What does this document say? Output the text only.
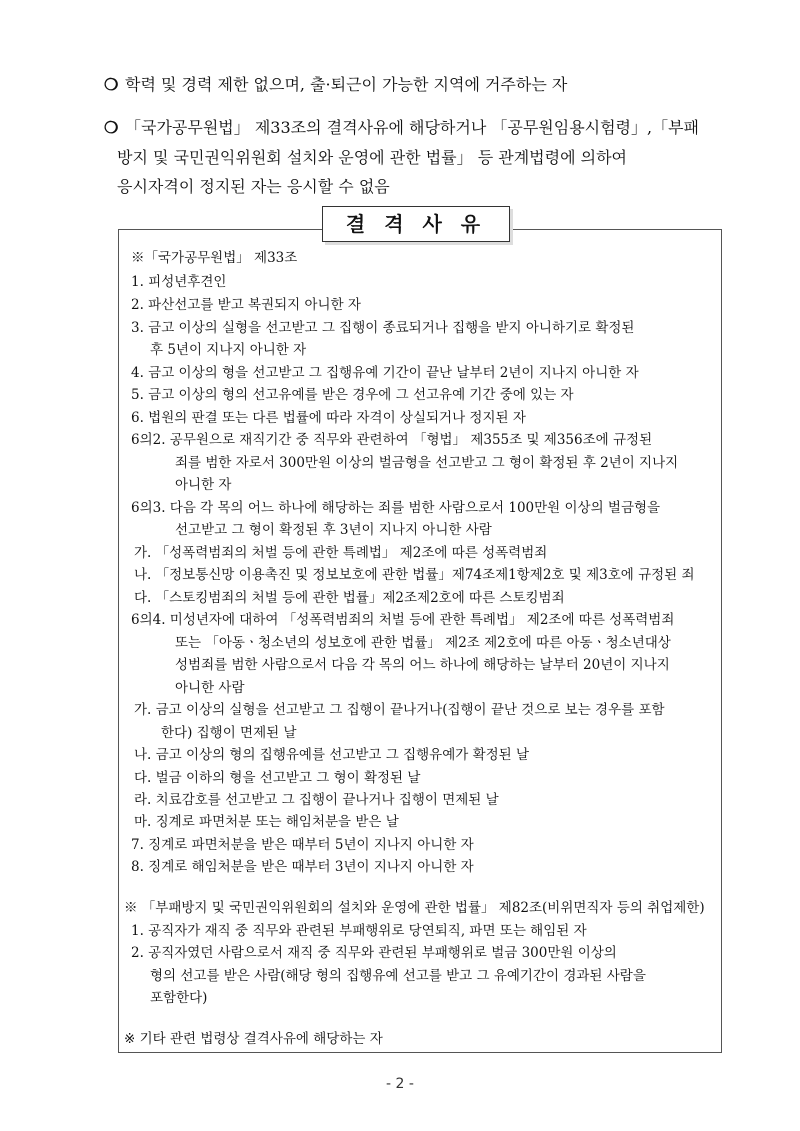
❍ 학력 및 경력 제한 없으며, 출·퇴근이 가능한 지역에 거주하는 자
❍ 「국가공무원법」 제33조의 결격사유에 해당하거나 「공무원임용시험령」,「부패
방지 및 국민권익위원회 설치와 운영에 관한 법률」 등 관계법령에 의하여
응시자격이 정지된 자는 응시할 수 없음
결 격 사 유
※「국가공무원법」 제33조
1. 피성년후견인
2. 파산선고를 받고 복권되지 아니한 자
3. 금고 이상의 실형을 선고받고 그 집행이 종료되거나 집행을 받지 아니하기로 확정된
후 5년이 지나지 아니한 자
4. 금고 이상의 형을 선고받고 그 집행유예 기간이 끝난 날부터 2년이 지나지 아니한 자
5. 금고 이상의 형의 선고유예를 받은 경우에 그 선고유예 기간 중에 있는 자
6. 법원의 판결 또는 다른 법률에 따라 자격이 상실되거나 정지된 자
6의2. 공무원으로 재직기간 중 직무와 관련하여 「형법」 제355조 및 제356조에 규정된
죄를 범한 자로서 300만원 이상의 벌금형을 선고받고 그 형이 확정된 후 2년이 지나지
아니한 자
6의3. 다음 각 목의 어느 하나에 해당하는 죄를 범한 사람으로서 100만원 이상의 벌금형을
선고받고 그 형이 확정된 후 3년이 지나지 아니한 사람
가. 「성폭력범죄의 처벌 등에 관한 특례법」 제2조에 따른 성폭력범죄
나. 「정보통신망 이용촉진 및 정보보호에 관한 법률」제74조제1항제2호 및 제3호에 규정된 죄
다. 「스토킹범죄의 처벌 등에 관한 법률」제2조제2호에 따른 스토킹범죄
6의4. 미성년자에 대하여 「성폭력범죄의 처벌 등에 관한 특례법」 제2조에 따른 성폭력범죄
또는 「아동ㆍ청소년의 성보호에 관한 법률」 제2조 제2호에 따른 아동ㆍ청소년대상
성범죄를 범한 사람으로서 다음 각 목의 어느 하나에 해당하는 날부터 20년이 지나지
아니한 사람
가. 금고 이상의 실형을 선고받고 그 집행이 끝나거나(집행이 끝난 것으로 보는 경우를 포함
한다) 집행이 면제된 날
나. 금고 이상의 형의 집행유예를 선고받고 그 집행유예가 확정된 날
다. 벌금 이하의 형을 선고받고 그 형이 확정된 날
라. 치료감호를 선고받고 그 집행이 끝나거나 집행이 면제된 날
마. 징계로 파면처분 또는 해임처분을 받은 날
7. 징계로 파면처분을 받은 때부터 5년이 지나지 아니한 자
8. 징계로 해임처분을 받은 때부터 3년이 지나지 아니한 자
※ 「부패방지 및 국민권익위원회의 설치와 운영에 관한 법률」 제82조(비위면직자 등의 취업제한)
1. 공직자가 재직 중 직무와 관련된 부패행위로 당연퇴직, 파면 또는 해임된 자
2. 공직자였던 사람으로서 재직 중 직무와 관련된 부패행위로 벌금 300만원 이상의
형의 선고를 받은 사람(해당 형의 집행유예 선고를 받고 그 유예기간이 경과된 사람을
포함한다)
※ 기타 관련 법령상 결격사유에 해당하는 자
- 2 -
